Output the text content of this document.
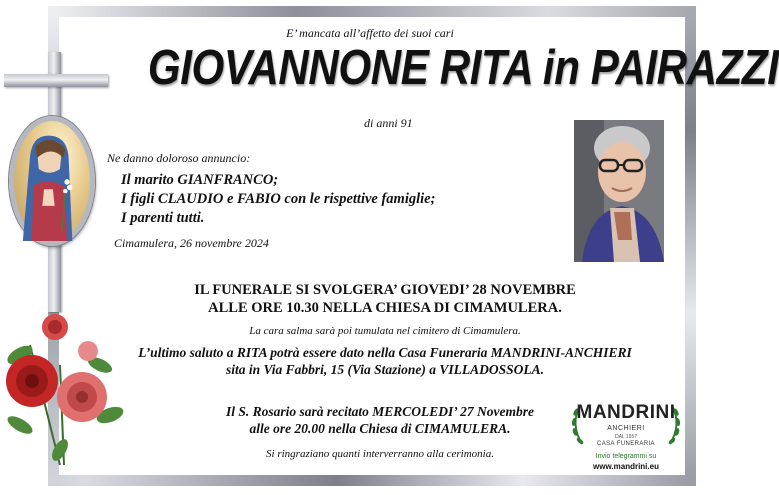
E’ mancata all’affetto dei suoi cari
GIOVANNONE RITA in PAIRAZZI
di anni 91
Ne danno doloroso annuncio:
Il marito GIANFRANCO;
I figli CLAUDIO e FABIO con le rispettive famiglie;
I parenti tutti.
Cimamulera, 26 novembre 2024
IL FUNERALE SI SVOLGERA’ GIOVEDI’ 28 NOVEMBRE
ALLE ORE 10.30 NELLA CHIESA DI CIMAMULERA.
La cara salma sarà poi tumulata nel cimitero di Cimamulera.
L’ultimo saluto a RITA potrà essere dato nella Casa Funeraria MANDRINI-ANCHIERI
sita in Via Fabbri, 15 (Via Stazione) a VILLADOSSOLA.
Il S. Rosario sarà recitato MERCOLEDI’ 27 Novembre
alle ore 20.00 nella Chiesa di CIMAMULERA.
Si ringraziano quanti interverranno alla cerimonia.
MANDRINI
ANCHIERI
DAL 1957
CASA FUNERARIA
Invio telegrammi su
www.mandrini.eu
